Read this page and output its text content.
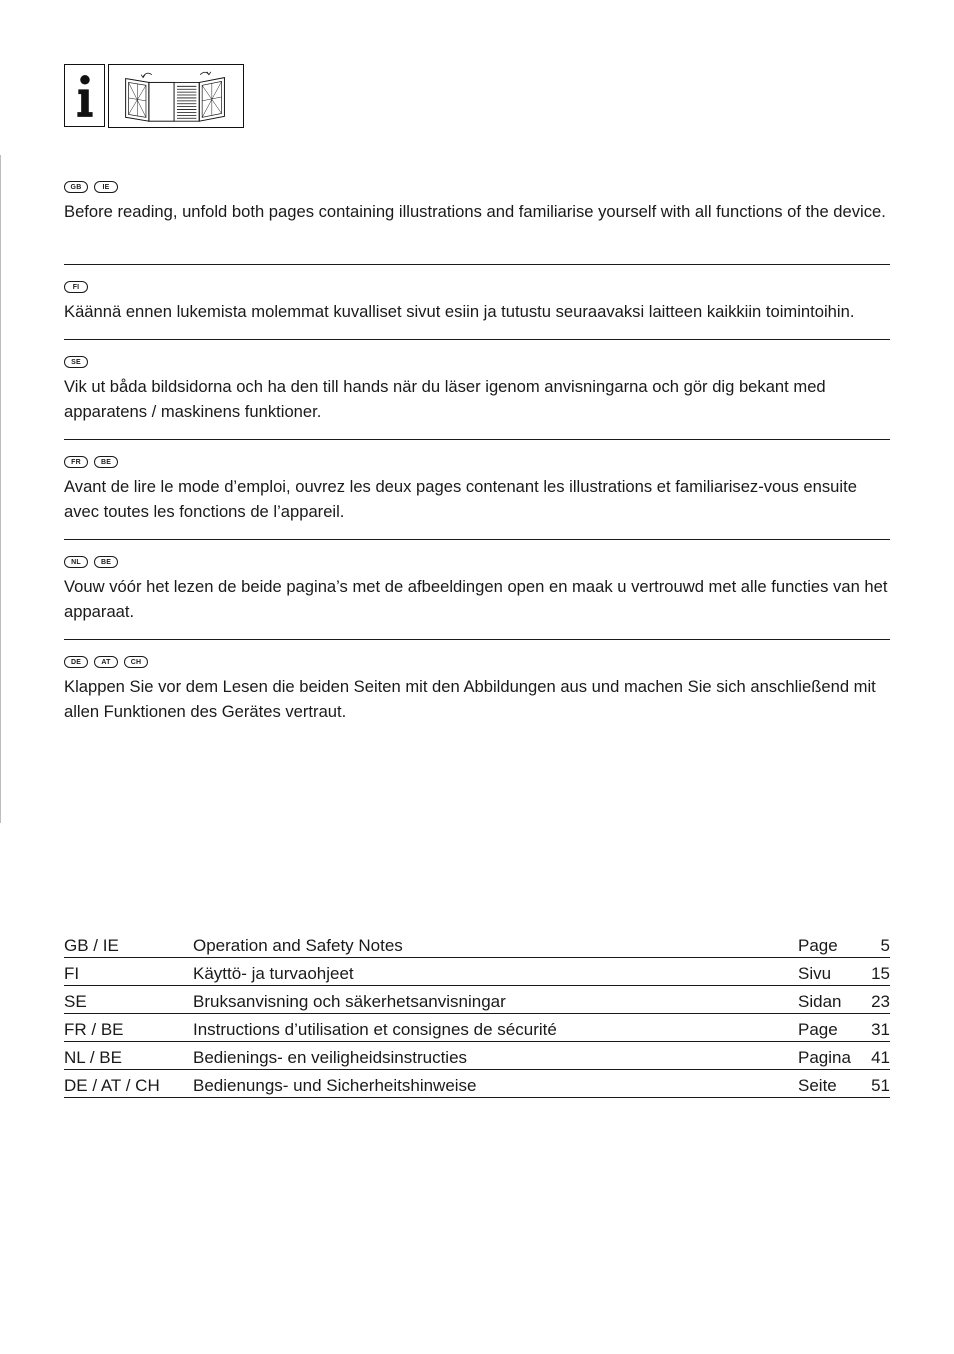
GB	IE

Before reading, unfold both pages containing illustrations and familiarise yourself with all functions of the device.

FI

Käännä ennen lukemista molemmat kuvalliset sivut esiin ja tutustu seuraavaksi laitteen kaikkiin toimintoihin.

SE

Vik ut båda bildsidorna och ha den till hands när du läser igenom anvisningarna och gör dig bekant med apparatens / maskinens funktioner.

FR	BE

Avant de lire le mode d’emploi, ouvrez les deux pages contenant les illustrations et familiarisez-vous ensuite avec toutes les fonctions de l’appareil.

NL	BE

Vouw vóór het lezen de beide pagina’s met de afbeeldingen open en maak u vertrouwd met alle functies van het apparaat.

DE	AT	CH

Klappen Sie vor dem Lesen die beiden Seiten mit den Abbildungen aus und machen Sie sich anschließend mit allen Funktionen des Gerätes vertraut.

GB / IE	Operation and Safety Notes	Page	5
FI	Käyttö- ja turvaohjeet	Sivu	15
SE	Bruksanvisning och säkerhetsanvisningar	Sidan	23
FR / BE	Instructions d’utilisation et consignes de sécurité	Page	31
NL / BE	Bedienings- en veiligheidsinstructies	Pagina	41
DE / AT / CH	Bedienungs- und Sicherheitshinweise	Seite	51
